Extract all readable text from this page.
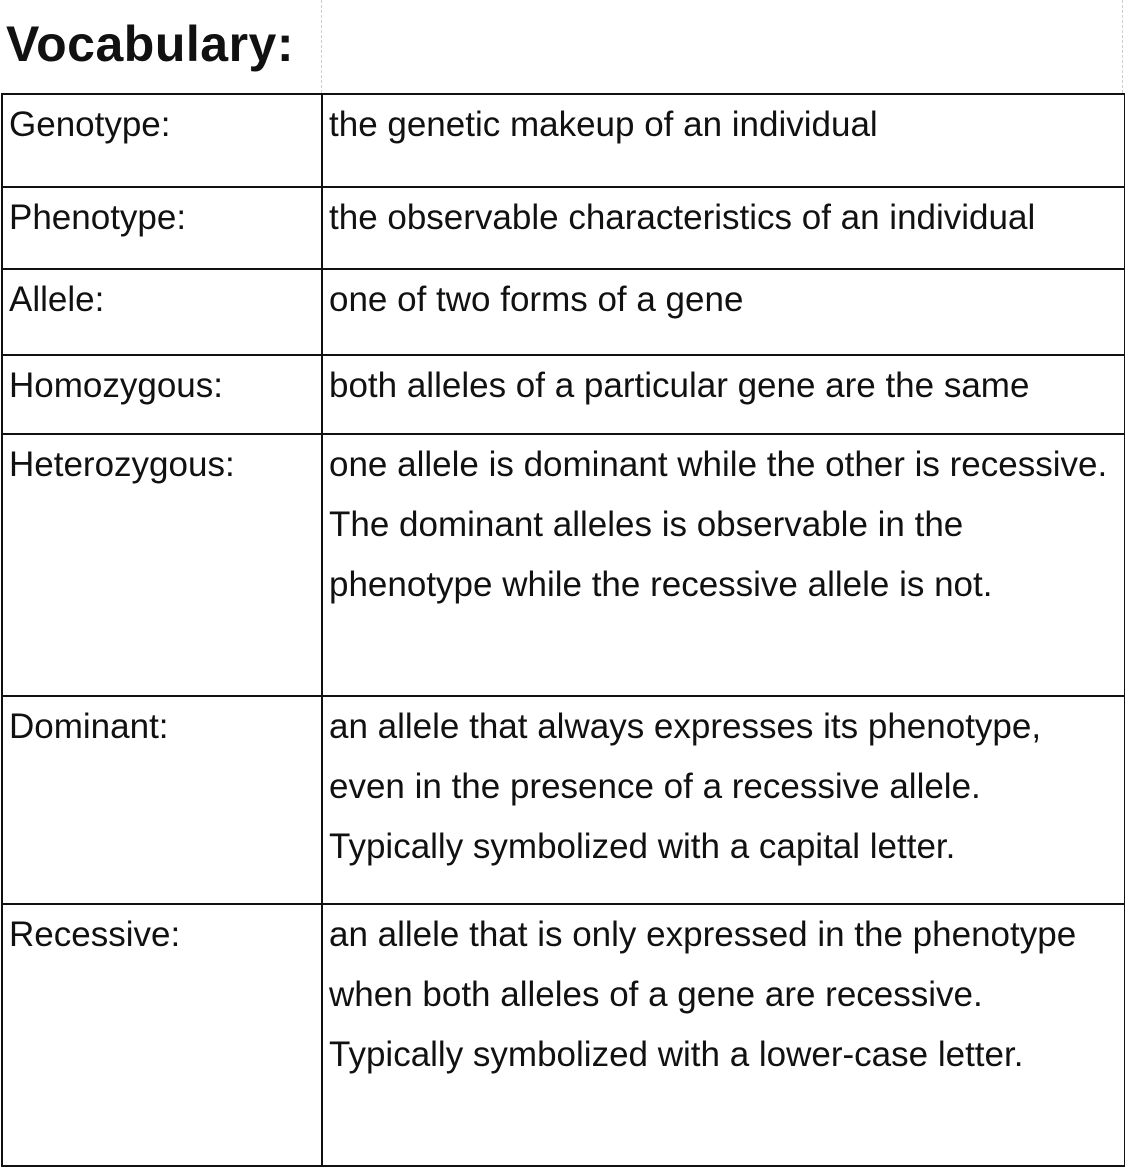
Vocabulary:
Genotype:	the genetic makeup of an individual
Phenotype:	the observable characteristics of an individual
Allele:	one of two forms of a gene
Homozygous:	both alleles of a particular gene are the same
Heterozygous:	one allele is dominant while the other is recessive. The dominant alleles is observable in the phenotype while the recessive allele is not.
Dominant:	an allele that always expresses its phenotype, even in the presence of a recessive allele. Typically symbolized with a capital letter.
Recessive:	an allele that is only expressed in the phenotype when both alleles of a gene are recessive. Typically symbolized with a lower-case letter.
